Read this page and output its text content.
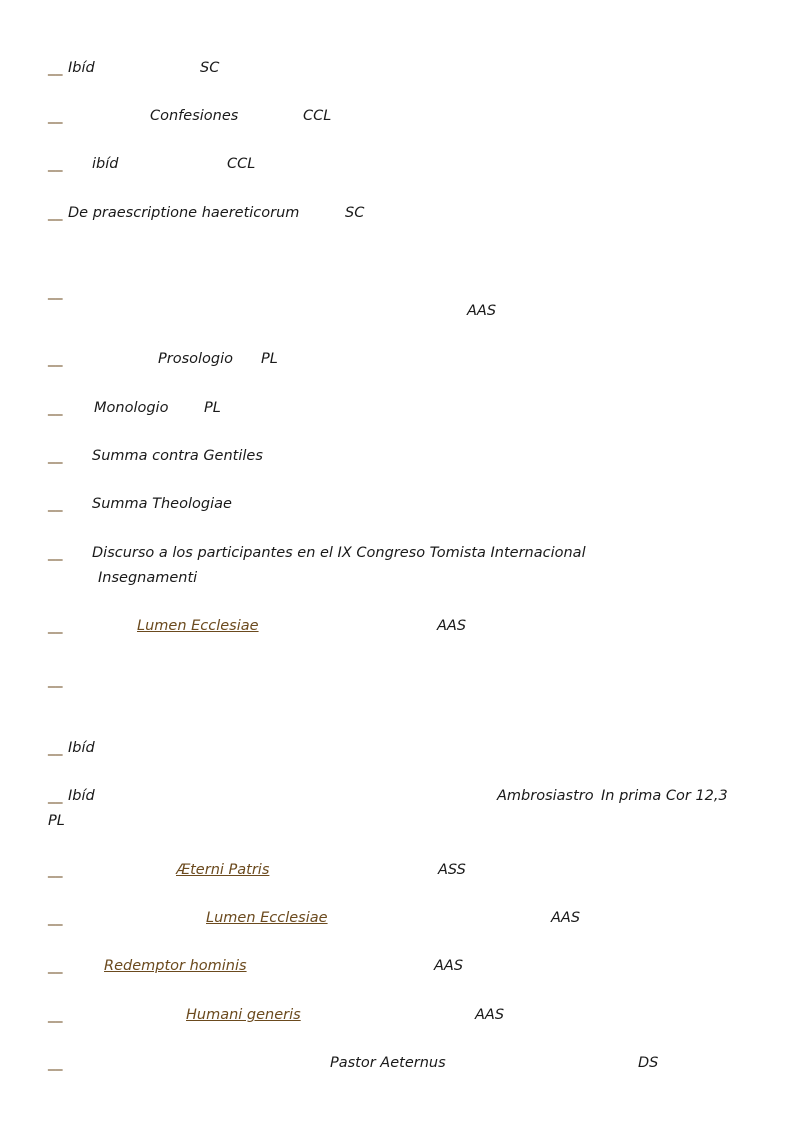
__ Ibíd	SC
__	Confesiones	CCL
__ ibíd	CCL
__ De praescriptione haereticorum	SC
__
AAS
__	Prosologio PL
__ Monologio PL
__ Summa contra Gentiles
__ Summa Theologiae
__ Discurso a los participantes en el IX Congreso Tomista Internacional
Insegnamenti
__	Lumen Ecclesiae	AAS
__
__ Ibíd
__ Ibíd	Ambrosiastro In prima Cor 12,3
PL
__	Æterni Patris	ASS
__	Lumen Ecclesiae	AAS
__	Redemptor hominis	AAS
__	Humani generis	AAS
__	Pastor Aeternus	DS
